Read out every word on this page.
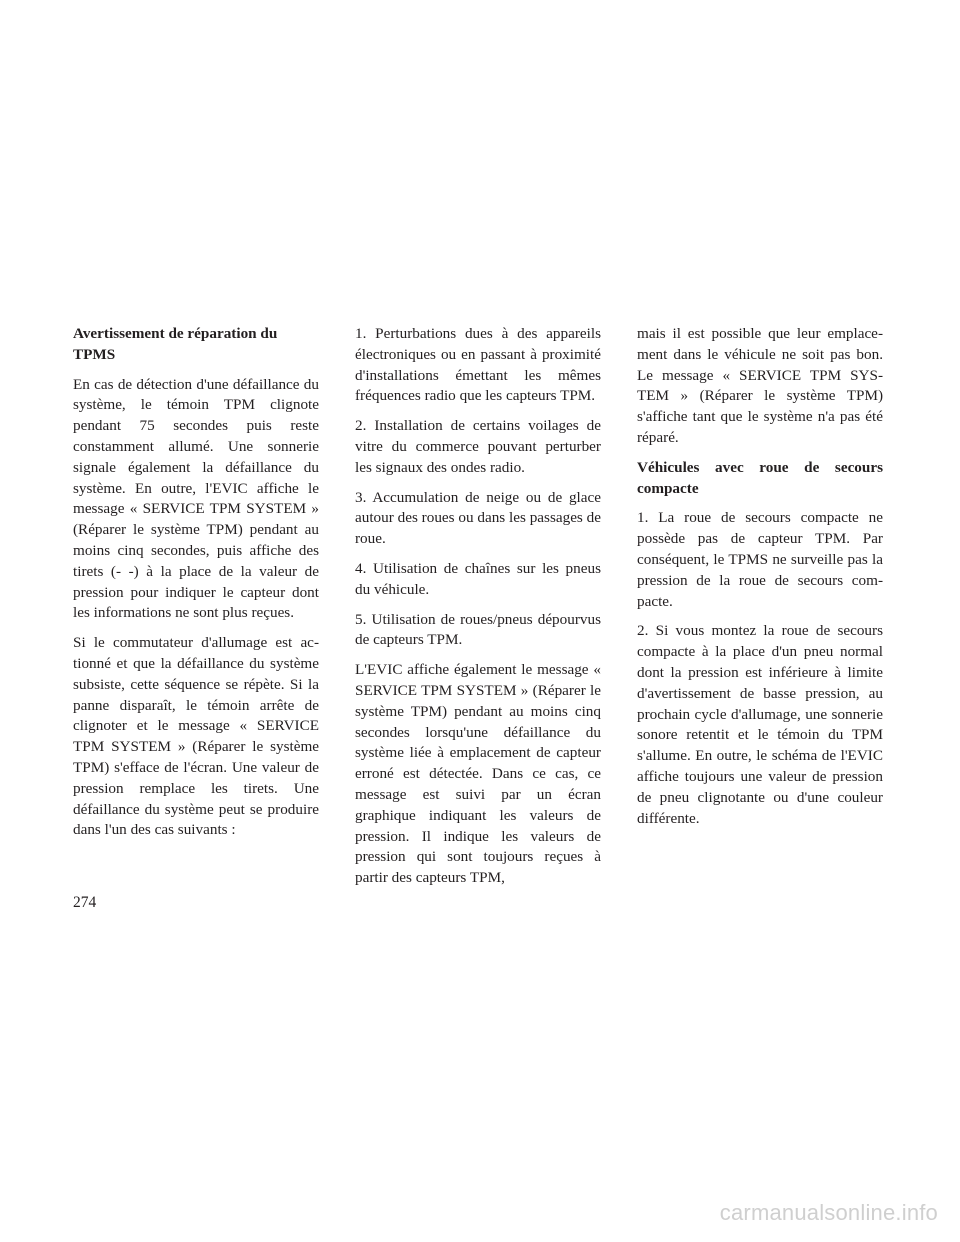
Avertissement de réparation du TPMS

En cas de détection d'une défaillance du système, le témoin TPM clignote pendant 75 secondes puis reste constamment allumé. Une sonnerie signale également la défaillance du système. En outre, l'EVIC affiche le message « SERVICE TPM SYSTEM » (Réparer le système TPM) pendant au moins cinq secondes, puis affiche des tirets (- -) à la place de la valeur de pression pour indiquer le capteur dont les informations ne sont plus reçues.

Si le commutateur d'allumage est actionné et que la défaillance du système subsiste, cette séquence se répète. Si la panne disparaît, le témoin arrête de clignoter et le message « SERVICE TPM SYSTEM » (Réparer le système TPM) s'efface de l'écran. Une valeur de pression remplace les tirets. Une défaillance du système peut se produire dans l'un des cas suivants :

1. Perturbations dues à des appareils électroniques ou en passant à proximité d'installations émettant les mêmes fréquences radio que les capteurs TPM.

2. Installation de certains voilages de vitre du commerce pouvant perturber les signaux des ondes radio.

3. Accumulation de neige ou de glace autour des roues ou dans les passages de roue.

4. Utilisation de chaînes sur les pneus du véhicule.

5. Utilisation de roues/pneus dépourvus de capteurs TPM.

L'EVIC affiche également le message « SERVICE TPM SYSTEM » (Réparer le système TPM) pendant au moins cinq secondes lorsqu'une défaillance du système liée à emplacement de capteur erroné est détectée. Dans ce cas, ce message est suivi par un écran graphique indiquant les valeurs de pression. Il indique les valeurs de pression qui sont toujours reçues à partir des capteurs TPM,

mais il est possible que leur emplacement dans le véhicule ne soit pas bon. Le message « SERVICE TPM SYSTEM » (Réparer le système TPM) s'affiche tant que le système n'a pas été réparé.

Véhicules avec roue de secours compacte

1. La roue de secours compacte ne possède pas de capteur TPM. Par conséquent, le TPMS ne surveille pas la pression de la roue de secours compacte.

2. Si vous montez la roue de secours compacte à la place d'un pneu normal dont la pression est inférieure à limite d'avertissement de basse pression, au prochain cycle d'allumage, une sonnerie sonore retentit et le témoin du TPM s'allume. En outre, le schéma de l'EVIC affiche toujours une valeur de pression de pneu clignotante ou d'une couleur différente.

274
carmanualsonline.info
